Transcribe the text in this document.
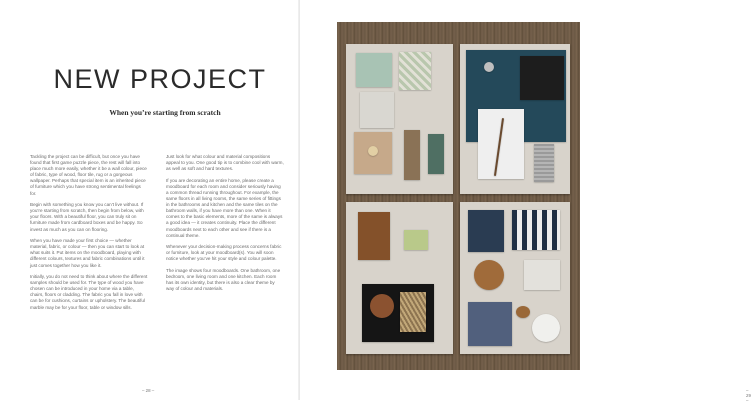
NEW PROJECT
When you’re starting from scratch

Tackling the project can be difficult, but once you have found that first game puzzle piece, the rest will fall into place much more easily, whether it be a wall colour, piece of fabric, type of wood, floor tile, rug or a gorgeous wallpaper. Perhaps that special item is an inherited piece of furniture which you have strong sentimental feelings for.

Begin with something you know you can’t live without. If you’re starting from scratch, then begin from below, with your floors. With a beautiful floor, you can truly sit on furniture made from cardboard boxes and be happy. So invest as much as you can on flooring.

When you have made your first choice — whether material, fabric, or colour — then you can start to look at what suits it. Put items on the moodboard, playing with different colours, textures and fabric combinations until it just comes together how you like it.

Initially, you do not need to think about where the different samples should be used for. The type of wood you have chosen can be introduced in your home via a table, chairs, floors or cladding. The fabric you fall in love with can be for cushions, curtains or upholstery. The beautiful marble may be for your floor, table or window sills.

Just look for what colour and material compositions appeal to you. One good tip is to combine cool with warm, as well as soft and hard textures.

If you are decorating an entire home, please create a moodboard for each room and consider seriously having a common thread running throughout. For example, the same floors in all living rooms, the same series of fittings in the bathrooms and kitchen and the same tiles on the bathroom walls, if you have more than one. When it comes to the basic elements, more of the same is always a good idea — it creates continuity. Place the different moodboards next to each other and see if there is a continual theme.

Whenever your decision-making process concerns fabric or furniture, look at your moodboard(s). You will soon notice whether you’ve hit your style and colour palette.

The image shows four moodboards. One bathroom, one bedroom, one living room and one kitchen. Each room has its own identity, but there is also a clear theme by way of colour and materials.

– 28 –	– 29 –
